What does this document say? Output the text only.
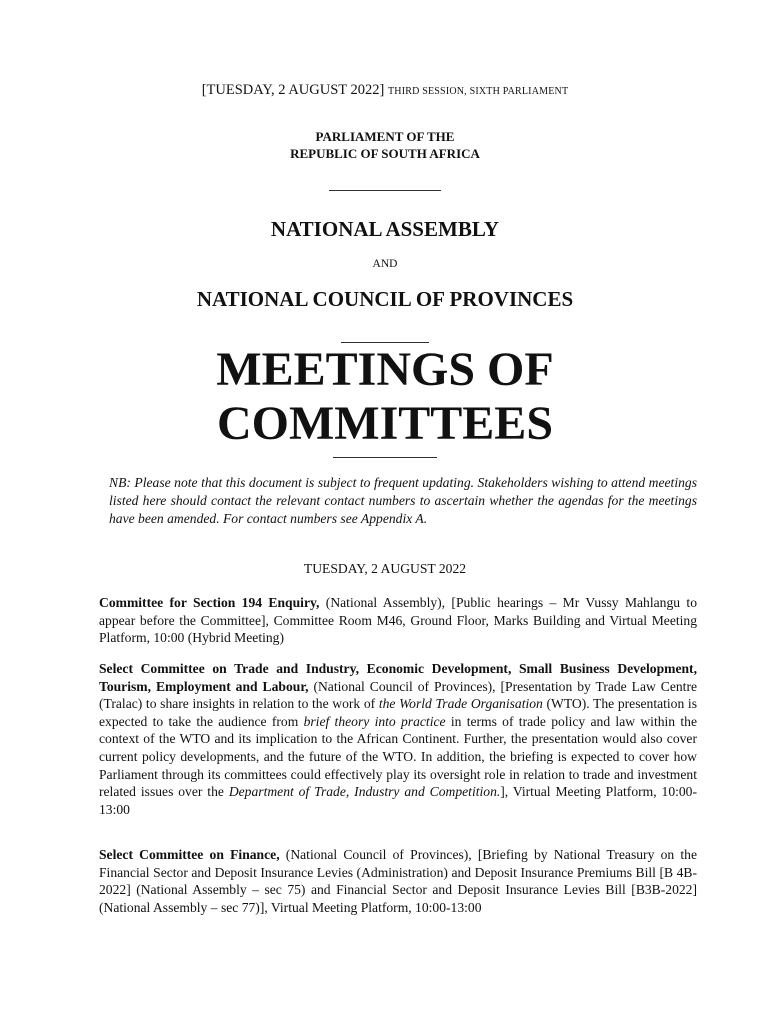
[TUESDAY, 2 AUGUST 2022] THIRD SESSION, SIXTH PARLIAMENT
PARLIAMENT OF THE
REPUBLIC OF SOUTH AFRICA
NATIONAL ASSEMBLY
AND
NATIONAL COUNCIL OF PROVINCES
MEETINGS OF
COMMITTEES
NB: Please note that this document is subject to frequent updating. Stakeholders wishing to attend meetings listed here should contact the relevant contact numbers to ascertain whether the agendas for the meetings have been amended. For contact numbers see Appendix A.
TUESDAY, 2 AUGUST 2022
Committee for Section 194 Enquiry, (National Assembly), [Public hearings – Mr Vussy Mahlangu to appear before the Committee], Committee Room M46, Ground Floor, Marks Building and Virtual Meeting Platform, 10:00 (Hybrid Meeting)
Select Committee on Trade and Industry, Economic Development, Small Business Development, Tourism, Employment and Labour, (National Council of Provinces), [Presentation by Trade Law Centre (Tralac) to share insights in relation to the work of the World Trade Organisation (WTO). The presentation is expected to take the audience from brief theory into practice in terms of trade policy and law within the context of the WTO and its implication to the African Continent. Further, the presentation would also cover current policy developments, and the future of the WTO. In addition, the briefing is expected to cover how Parliament through its committees could effectively play its oversight role in relation to trade and investment related issues over the Department of Trade, Industry and Competition.], Virtual Meeting Platform, 10:00-13:00
Select Committee on Finance, (National Council of Provinces), [Briefing by National Treasury on the Financial Sector and Deposit Insurance Levies (Administration) and Deposit Insurance Premiums Bill [B 4B-2022] (National Assembly – sec 75) and Financial Sector and Deposit Insurance Levies Bill [B3B-2022] (National Assembly – sec 77)], Virtual Meeting Platform, 10:00-13:00
